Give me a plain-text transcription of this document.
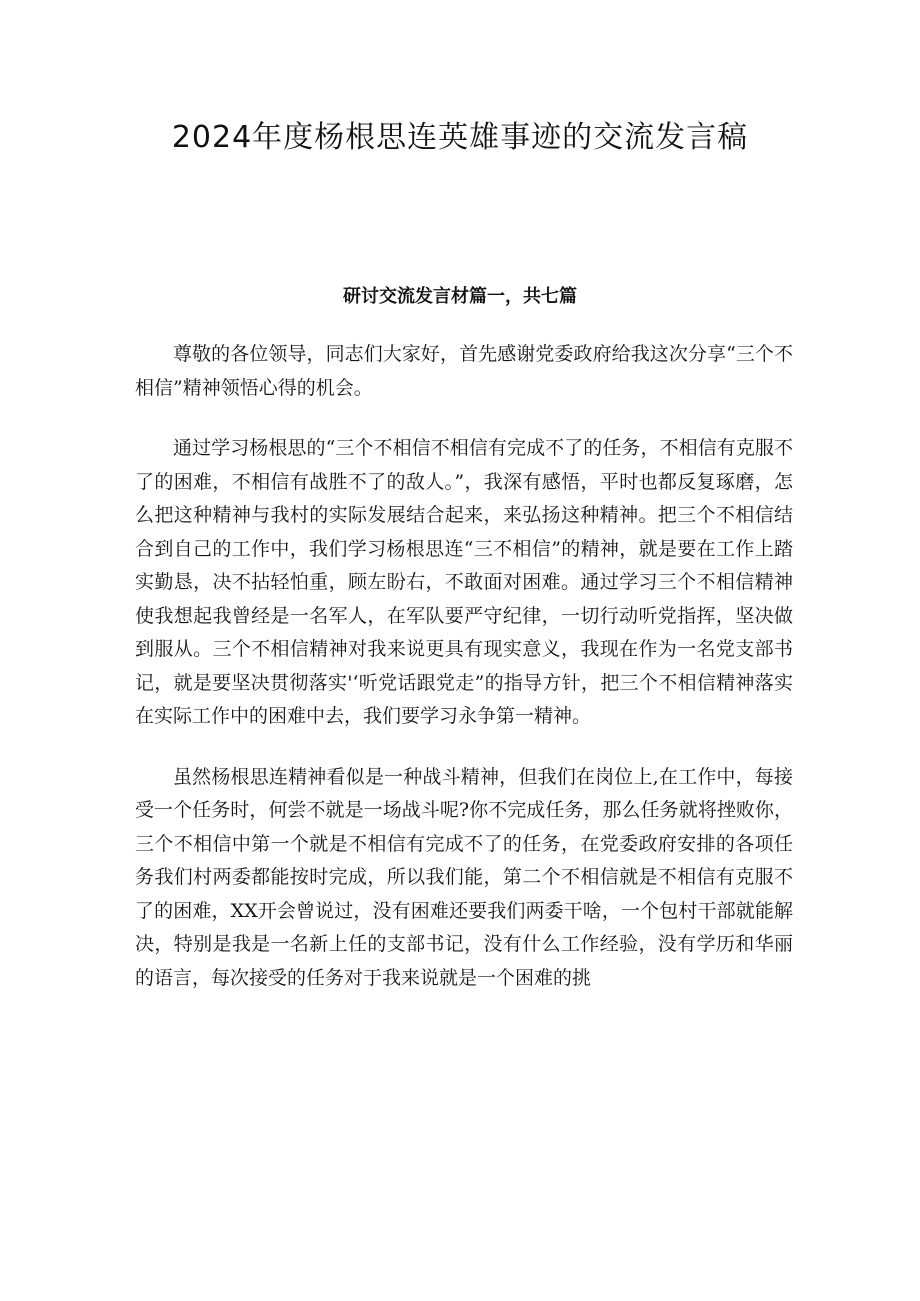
2024年度杨根思连英雄事迹的交流发言稿
研讨交流发言材篇一，共七篇

尊敬的各位领导，同志们大家好，首先感谢党委政府给我这次分享“三个不相信”精神领悟心得的机会。

通过学习杨根思的“三个不相信不相信有完成不了的任务，不相信有克服不了的困难，不相信有战胜不了的敌人。”，我深有感悟，平时也都反复琢磨，怎么把这种精神与我村的实际发展结合起来，来弘扬这种精神。把三个不相信结合到自己的工作中，我们学习杨根思连“三不相信”的精神，就是要在工作上踏实勤恳，决不拈轻怕重，顾左盼右，不敢面对困难。通过学习三个不相信精神使我想起我曾经是一名军人，在军队要严守纪律，一切行动听党指挥，坚决做到服从。三个不相信精神对我来说更具有现实意义，我现在作为一名党支部书记，就是要坚决贯彻落实'‘听党话跟党走”的指导方针，把三个不相信精神落实在实际工作中的困难中去，我们要学习永争第一精神。

虽然杨根思连精神看似是一种战斗精神，但我们在岗位上,在工作中，每接受一个任务时，何尝不就是一场战斗呢?你不完成任务，那么任务就将挫败你，三个不相信中第一个就是不相信有完成不了的任务，在党委政府安排的各项任务我们村两委都能按时完成，所以我们能，第二个不相信就是不相信有克服不了的困难，XX开会曾说过，没有困难还要我们两委干啥，一个包村干部就能解决，特别是我是一名新上任的支部书记，没有什么工作经验，没有学历和华丽的语言，每次接受的任务对于我来说就是一个困难的挑
